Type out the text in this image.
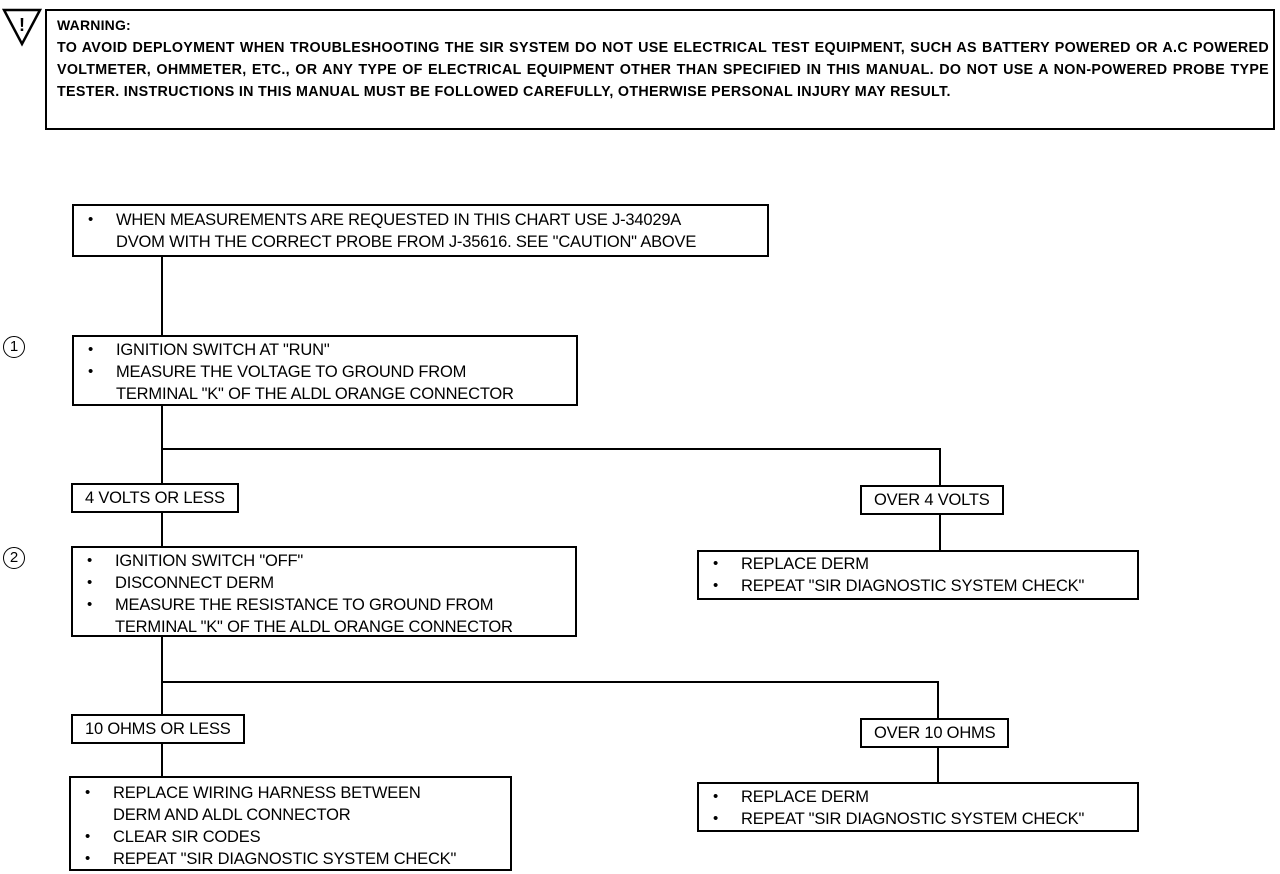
! WARNING:
TO AVOID DEPLOYMENT WHEN TROUBLESHOOTING THE SIR SYSTEM DO NOT USE ELECTRICAL TEST EQUIPMENT, SUCH AS BATTERY POWERED OR A.C POWERED VOLTMETER, OHMMETER, ETC., OR ANY TYPE OF ELECTRICAL EQUIPMENT OTHER THAN SPECIFIED IN THIS MANUAL. DO NOT USE A NON-POWERED PROBE TYPE TESTER. INSTRUCTIONS IN THIS MANUAL MUST BE FOLLOWED CAREFULLY, OTHERWISE PERSONAL INJURY MAY RESULT.
• WHEN MEASUREMENTS ARE REQUESTED IN THIS CHART USE J-34029A
DVOM WITH THE CORRECT PROBE FROM J-35616. SEE "CAUTION" ABOVE
1	• IGNITION SWITCH AT "RUN"
• MEASURE THE VOLTAGE TO GROUND FROM
TERMINAL "K" OF THE ALDL ORANGE CONNECTOR
4 VOLTS OR LESS	OVER 4 VOLTS
• REPLACE DERM
• REPEAT "SIR DIAGNOSTIC SYSTEM CHECK"
2	• IGNITION SWITCH "OFF"
• DISCONNECT DERM
• MEASURE THE RESISTANCE TO GROUND FROM
TERMINAL "K" OF THE ALDL ORANGE CONNECTOR
10 OHMS OR LESS	OVER 10 OHMS
• REPLACE WIRING HARNESS BETWEEN
DERM AND ALDL CONNECTOR
• CLEAR SIR CODES
• REPEAT "SIR DIAGNOSTIC SYSTEM CHECK"
• REPLACE DERM
• REPEAT "SIR DIAGNOSTIC SYSTEM CHECK"
